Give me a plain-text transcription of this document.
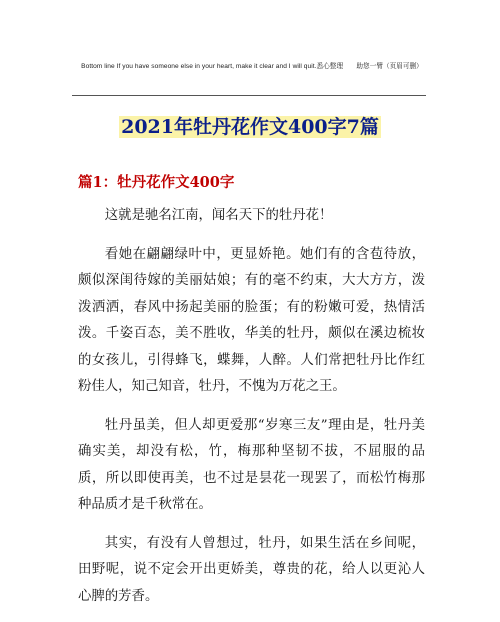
Bottom line If you have someone else in your heart, make it clear and I will quit.悉心整理　　助您一臂（页眉可删）
2021年牡丹花作文400字7篇
篇1：牡丹花作文400字

这就是驰名江南，闻名天下的牡丹花！

看她在翩翩绿叶中，更显娇艳。她们有的含苞待放，颇似深闺待嫁的美丽姑娘；有的毫不约束，大大方方，泼泼洒洒，春风中扬起美丽的脸蛋；有的粉嫩可爱，热情活泼。千姿百态，美不胜收，华美的牡丹，颇似在溪边梳妆的女孩儿，引得蜂飞，蝶舞，人醉。人们常把牡丹比作红粉佳人，知己知音，牡丹，不愧为万花之王。

牡丹虽美，但人却更爱那“岁寒三友”理由是，牡丹美确实美，却没有松，竹，梅那种坚韧不拔，不屈服的品质，所以即使再美，也不过是昙花一现罢了，而松竹梅那种品质才是千秋常在。

其实，有没有人曾想过，牡丹，如果生活在乡间呢，田野呢，说不定会开出更娇美，尊贵的花，给人以更沁人心脾的芳香。
